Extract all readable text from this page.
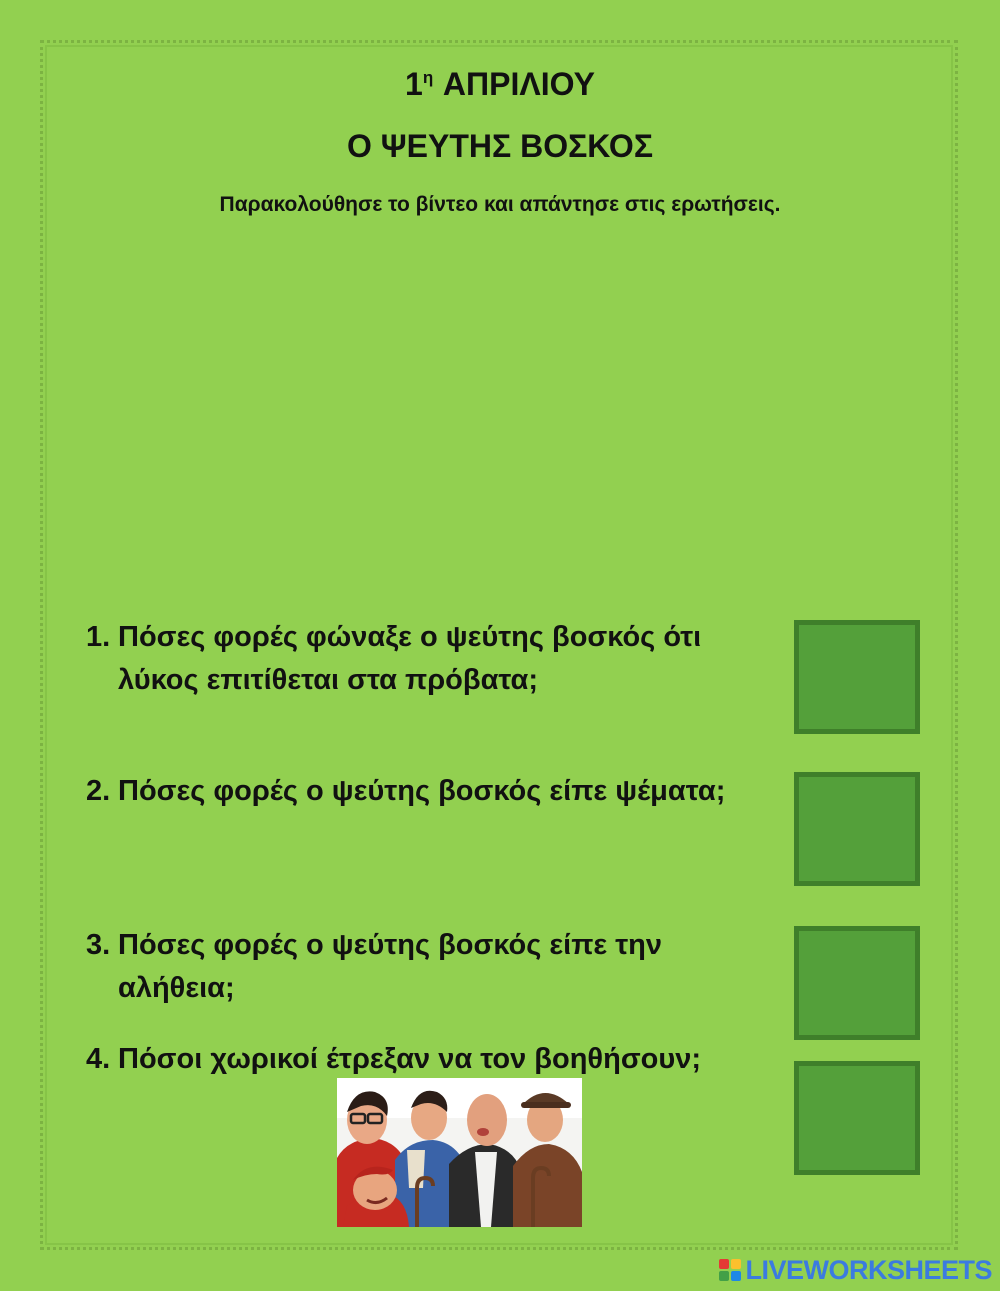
$1^\eta$ ΑΠΡΙΛΙΟΥ
Ο ΨΕΥΤΗΣ ΒΟΣΚΟΣ
Παρακολούθησε το βίντεο και απάντησε στις ερωτήσεις.
1. Πόσες φορές φώναξε ο ψεύτης βοσκός ότι λύκος επιτίθεται στα πρόβατα;
2. Πόσες φορές ο ψεύτης βοσκός είπε ψέματα;
3. Πόσες φορές ο ψεύτης βοσκός είπε την αλήθεια;
4. Πόσοι χωρικοί έτρεξαν να τον βοηθήσουν;
LIVEWORKSHEETS
